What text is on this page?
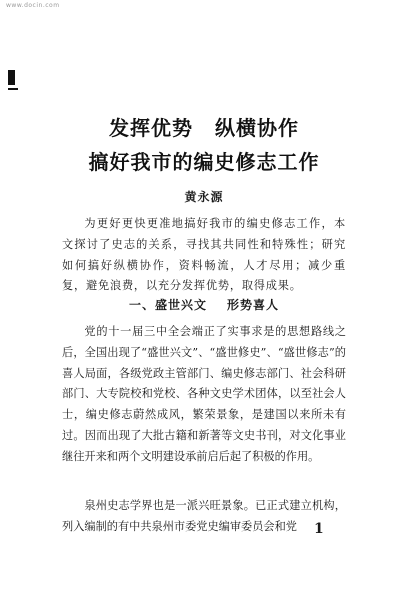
www.docin.com
发挥优势 纵横协作
搞好我市的编史修志工作
黄永源

为更好更快更准地搞好我市的编史修志工作，本文探讨了史志的关系，寻找其共同性和特殊性；研究如何搞好纵横协作，资料畅流，人才尽用；减少重复，避免浪费，以充分发挥优势，取得成果。

一、盛世兴文 形势喜人

党的十一届三中全会端正了实事求是的思想路线之后，全国出现了“盛世兴文”、“盛世修史”、“盛世修志”的喜人局面，各级党政主管部门、编史修志部门、社会科研部门、大专院校和党校、各种文史学术团体，以至社会人士，编史修志蔚然成风，繁荣景象，是建国以来所未有过。因而出现了大批古籍和新著等文史书刊，对文化事业继往开来和两个文明建设承前启后起了积极的作用。

泉州史志学界也是一派兴旺景象。已正式建立机构，列入编制的有中共泉州市委党史编审委员会和党	1
